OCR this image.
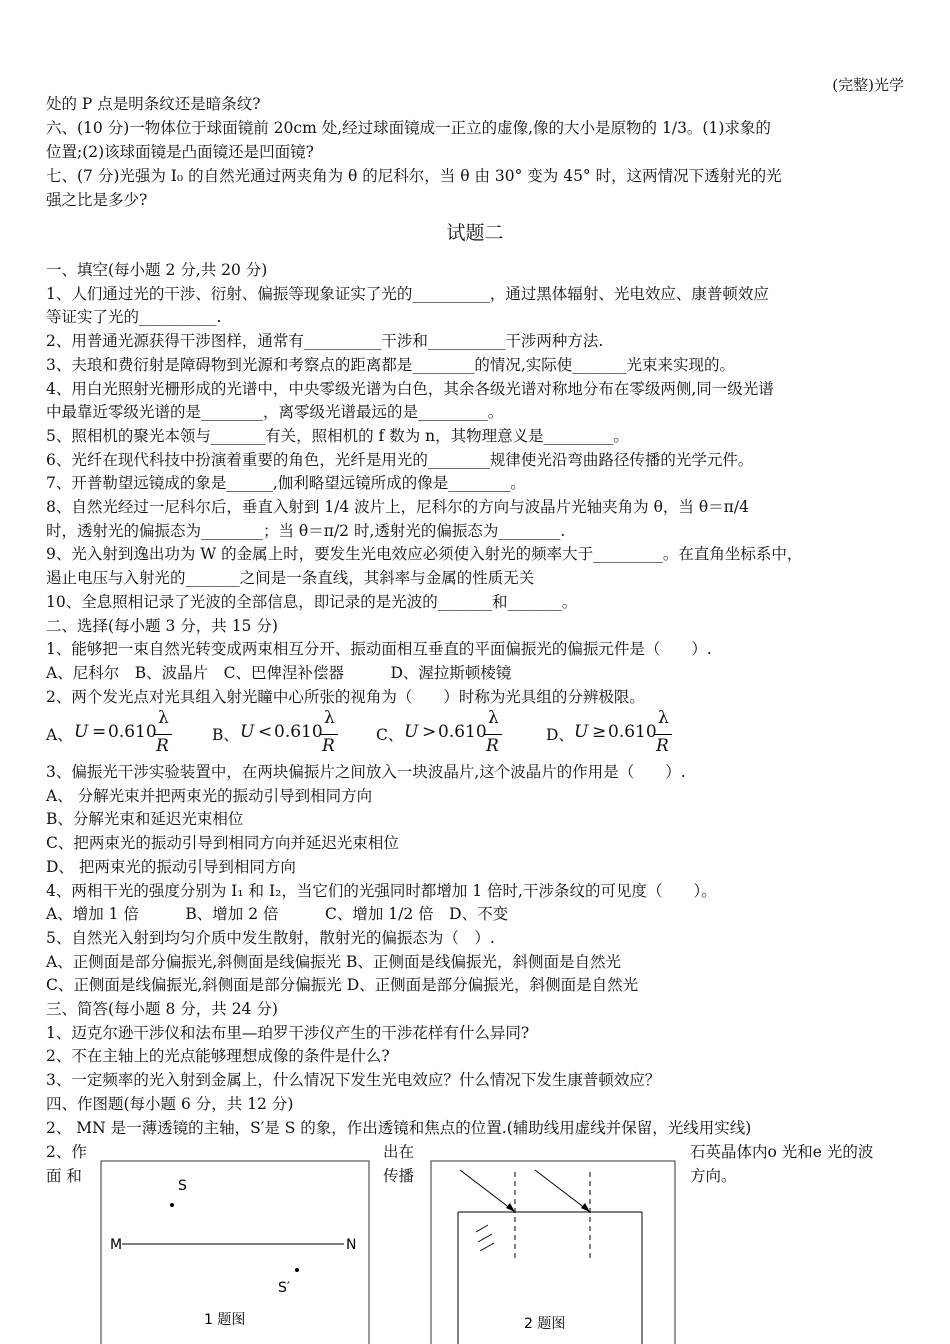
(完整)光学
处的 P 点是明条纹还是暗条纹?
六、(10 分)一物体位于球面镜前 20cm 处,经过球面镜成一正立的虚像,像的大小是原物的 1/3。(1)求象的
位置;(2)该球面镜是凸面镜还是凹面镜?
七、(7 分)光强为 I₀ 的自然光通过两夹角为 θ 的尼科尔，当 θ 由 30° 变为 45° 时，这两情况下透射光的光
强之比是多少?
试题二
一、填空(每小题 2 分,共 20 分)
1、人们通过光的干涉、衍射、偏振等现象证实了光的__________，通过黑体辐射、光电效应、康普顿效应
等证实了光的__________.
2、用普通光源获得干涉图样，通常有__________干涉和__________干涉两种方法.
3、夫琅和费衍射是障碍物到光源和考察点的距离都是________的情况,实际使_______光束来实现的。
4、用白光照射光栅形成的光谱中，中央零级光谱为白色，其余各级光谱对称地分布在零级两侧,同一级光谱
中最靠近零级光谱的是________，离零级光谱最远的是_________。
5、照相机的聚光本领与_______有关，照相机的 f 数为 n，其物理意义是_________。
6、光纤在现代科技中扮演着重要的角色，光纤是用光的________规律使光沿弯曲路径传播的光学元件。
7、开普勒望远镜成的象是______,伽利略望远镜所成的像是________。
8、自然光经过一尼科尔后，垂直入射到 1/4 波片上，尼科尔的方向与波晶片光轴夹角为 θ，当 θ＝π/4
时，透射光的偏振态为________；当 θ＝π/2 时,透射光的偏振态为________.
9、光入射到逸出功为 W 的金属上时，要发生光电效应必须使入射光的频率大于_________。在直角坐标系中，
遏止电压与入射光的_______之间是一条直线，其斜率与金属的性质无关
10、全息照相记录了光波的全部信息，即记录的是光波的_______和_______。
二、选择(每小题 3 分，共 15 分)
1、能够把一束自然光转变成两束相互分开、振动面相互垂直的平面偏振光的偏振元件是（　　）.
A、尼科尔　B、波晶片　C、巴俾涅补偿器　　　D、渥拉斯顿棱镜
2、两个发光点对光具组入射光瞳中心所张的视角为（　　）时称为光具组的分辨极限。
A、 U = 0.610
λ
R
B、 U < 0.610
λ
R
C、 U > 0.610
λ
R
D、 U ≥ 0.610
λ
R
3、偏振光干涉实验装置中，在两块偏振片之间放入一块波晶片,这个波晶片的作用是（　　）.
A、 分解光束并把两束光的振动引导到相同方向
B、分解光束和延迟光束相位
C、把两束光的振动引导到相同方向并延迟光束相位
D、 把两束光的振动引导到相同方向
4、两相干光的强度分别为 I₁ 和 I₂，当它们的光强同时都增加 1 倍时,干涉条纹的可见度（　　）。
A、增加 1 倍　　　B、增加 2 倍　　　C、增加 1/2 倍　D、不变
5、自然光入射到均匀介质中发生散射，散射光的偏振态为（　）.
A、正侧面是部分偏振光,斜侧面是线偏振光 B、正侧面是线偏振光，斜侧面是自然光
C、正侧面是线偏振光,斜侧面是部分偏振光 D、正侧面是部分偏振光，斜侧面是自然光
三、简答(每小题 8 分，共 24 分)
1、迈克尔逊干涉仪和法布里—珀罗干涉仪产生的干涉花样有什么异同?
2、不在主轴上的光点能够理想成像的条件是什么?
3、一定频率的光入射到金属上，什么情况下发生光电效应？什么情况下发生康普顿效应？
四、作图题(每小题 6 分，共 12 分)
2、 MN 是一薄透镜的主轴，S′是 S 的象，作出透镜和焦点的位置.(辅助线用虚线并保留，光线用实线)
2、作
面 和
出在
传播
石英晶体内o 光和e 光的波
方向。
S
M	N
S′
1 题图	2 题图
